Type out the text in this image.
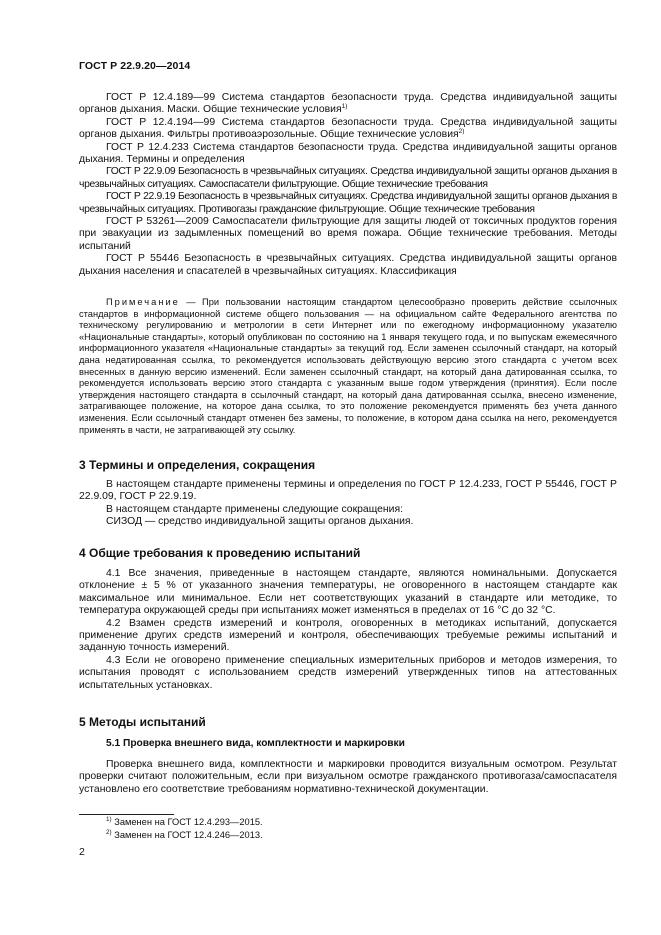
ГОСТ Р 22.9.20—2014

ГОСТ Р 12.4.189—99 Система стандартов безопасности труда. Средства индивидуальной защиты органов дыхания. Маски. Общие технические условия$^{1)}$

ГОСТ Р 12.4.194—99 Система стандартов безопасности труда. Средства индивидуальной защиты органов дыхания. Фильтры противоаэрозольные. Общие технические условия$^{2)}$

ГОСТ Р 12.4.233 Система стандартов безопасности труда. Средства индивидуальной защиты органов дыхания. Термины и определения

ГОСТ Р 22.9.09 Безопасность в чрезвычайных ситуациях. Средства индивидуальной защиты органов дыхания в чрезвычайных ситуациях. Самоспасатели фильтрующие. Общие технические требования

ГОСТ Р 22.9.19 Безопасность в чрезвычайных ситуациях. Средства индивидуальной защиты органов дыхания в чрезвычайных ситуациях. Противогазы гражданские фильтрующие. Общие технические требования

ГОСТ Р 53261—2009 Самоспасатели фильтрующие для защиты людей от токсичных продуктов горения при эвакуации из задымленных помещений во время пожара. Общие технические требования. Методы испытаний

ГОСТ Р 55446 Безопасность в чрезвычайных ситуациях. Средства индивидуальной защиты органов дыхания населения и спасателей в чрезвычайных ситуациях. Классификация

Примечание — При пользовании настоящим стандартом целесообразно проверить действие ссылочных стандартов в информационной системе общего пользования — на официальном сайте Федерального агентства по техническому регулированию и метрологии в сети Интернет или по ежегодному информационному указателю «Национальные стандарты», который опубликован по состоянию на 1 января текущего года, и по выпускам ежемесячного информационного указателя «Национальные стандарты» за текущий год. Если заменен ссылочный стандарт, на который дана недатированная ссылка, то рекомендуется использовать действующую версию этого стандарта с учетом всех внесенных в данную версию изменений. Если заменен ссылочный стандарт, на который дана датированная ссылка, то рекомендуется использовать версию этого стандарта с указанным выше годом утверждения (принятия). Если после утверждения настоящего стандарта в ссылочный стандарт, на который дана датированная ссылка, внесено изменение, затрагивающее положение, на которое дана ссылка, то это положение рекомендуется применять без учета данного изменения. Если ссылочный стандарт отменен без замены, то положение, в котором дана ссылка на него, рекомендуется применять в части, не затрагивающей эту ссылку.

3 Термины и определения, сокращения

В настоящем стандарте применены термины и определения по ГОСТ Р 12.4.233, ГОСТ Р 55446, ГОСТ Р 22.9.09, ГОСТ Р 22.9.19.

В настоящем стандарте применены следующие сокращения:

СИЗОД — средство индивидуальной защиты органов дыхания.

4 Общие требования к проведению испытаний

4.1 Все значения, приведенные в настоящем стандарте, являются номинальными. Допускается отклонение ± 5 % от указанного значения температуры, не оговоренного в настоящем стандарте как максимальное или минимальное. Если нет соответствующих указаний в стандарте или методике, то температура окружающей среды при испытаниях может изменяться в пределах от 16 °С до 32 °С.

4.2 Взамен средств измерений и контроля, оговоренных в методиках испытаний, допускается применение других средств измерений и контроля, обеспечивающих требуемые режимы испытаний и заданную точность измерений.

4.3 Если не оговорено применение специальных измерительных приборов и методов измерения, то испытания проводят с использованием средств измерений утвержденных типов на аттестованных испытательных установках.

5 Методы испытаний
5.1 Проверка внешнего вида, комплектности и маркировки

Проверка внешнего вида, комплектности и маркировки проводится визуальным осмотром. Результат проверки считают положительным, если при визуальном осмотре гражданского противогаза/самоспасателя установлено его соответствие требованиям нормативно-технической документации.

$^{1)}$ Заменен на ГОСТ 12.4.293—2015.
$^{2)}$ Заменен на ГОСТ 12.4.246—2013.
2
